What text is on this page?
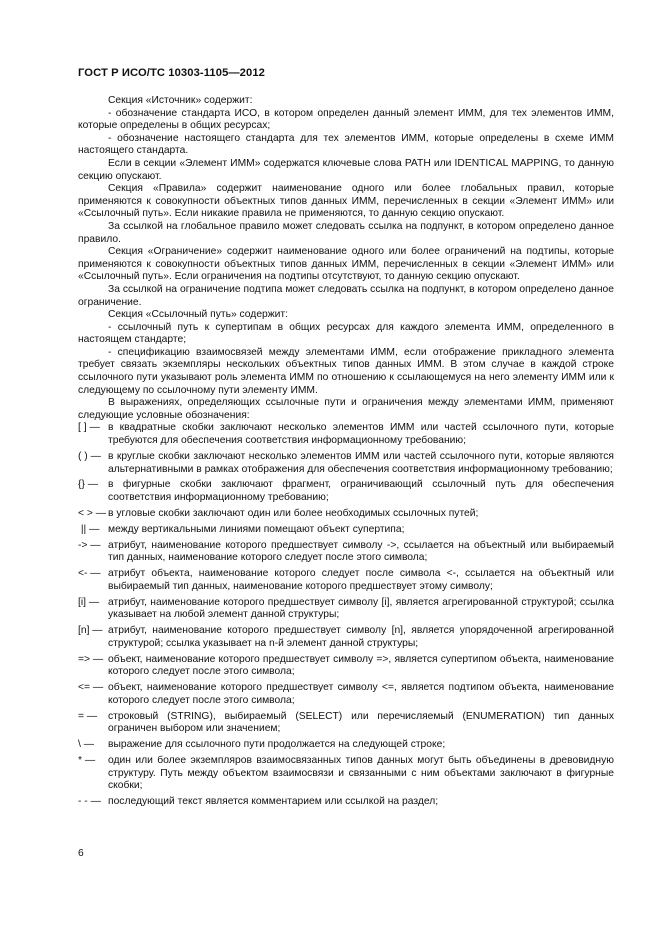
ГОСТ Р ИСО/ТС 10303-1105—2012

Секция «Источник» содержит:

- обозначение стандарта ИСО, в котором определен данный элемент ИММ, для тех элементов ИММ, которые определены в общих ресурсах;

- обозначение настоящего стандарта для тех элементов ИММ, которые определены в схеме ИММ настоящего стандарта.

Если в секции «Элемент ИММ» содержатся ключевые слова PATH или IDENTICAL MAPPING, то данную секцию опускают.

Секция «Правила» содержит наименование одного или более глобальных правил, которые применяются к совокупности объектных типов данных ИММ, перечисленных в секции «Элемент ИММ» или «Ссылочный путь». Если никакие правила не применяются, то данную секцию опускают.

За ссылкой на глобальное правило может следовать ссылка на подпункт, в котором определено данное правило.

Секция «Ограничение» содержит наименование одного или более ограничений на подтипы, которые применяются к совокупности объектных типов данных ИММ, перечисленных в секции «Элемент ИММ» или «Ссылочный путь». Если ограничения на подтипы отсутствуют, то данную секцию опускают.

За ссылкой на ограничение подтипа может следовать ссылка на подпункт, в котором определено данное ограничение.

Секция «Ссылочный путь» содержит:

- ссылочный путь к супертипам в общих ресурсах для каждого элемента ИММ, определенного в настоящем стандарте;

- спецификацию взаимосвязей между элементами ИММ, если отображение прикладного элемента требует связать экземпляры нескольких объектных типов данных ИММ. В этом случае в каждой строке ссылочного пути указывают роль элемента ИММ по отношению к ссылающемуся на него элементу ИММ или к следующему по ссылочному пути элементу ИММ.

В выражениях, определяющих ссылочные пути и ограничения между элементами ИММ, применяют следующие условные обозначения:

[ ] — в квадратные скобки заключают несколько элементов ИММ или частей ссылочного пути, которые требуются для обеспечения соответствия информационному требованию;
( ) — в круглые скобки заключают несколько элементов ИММ или частей ссылочного пути, которые являются альтернативными в рамках отображения для обеспечения соответствия информационному требованию;
{} — в фигурные скобки заключают фрагмент, ограничивающий ссылочный путь для обеспечения соответствия информационному требованию;
< > — в угловые скобки заключают один или более необходимых ссылочных путей;
|| — между вертикальными линиями помещают объект супертипа;
-> — атрибут, наименование которого предшествует символу ->, ссылается на объектный или выбираемый тип данных, наименование которого следует после этого символа;
<- — атрибут объекта, наименование которого следует после символа <-, ссылается на объектный или выбираемый тип данных, наименование которого предшествует этому символу;
[i] — атрибут, наименование которого предшествует символу [i], является агрегированной структурой; ссылка указывает на любой элемент данной структуры;
[n] — атрибут, наименование которого предшествует символу [n], является упорядоченной агрегированной структурой; ссылка указывает на n-й элемент данной структуры;
=> — объект, наименование которого предшествует символу =>, является супертипом объекта, наименование которого следует после этого символа;
<= — объект, наименование которого предшествует символу <=, является подтипом объекта, наименование которого следует после этого символа;
= —	строковый (STRING), выбираемый (SELECT) или перечисляемый (ENUMERATION) тип данных ограничен выбором или значением;
\ —	выражение для ссылочного пути продолжается на следующей строке;
* —	один или более экземпляров взаимосвязанных типов данных могут быть объединены в древовидную структуру. Путь между объектом взаимосвязи и связанными с ним объектами заключают в фигурные скобки;
- - — последующий текст является комментарием или ссылкой на раздел;
6
